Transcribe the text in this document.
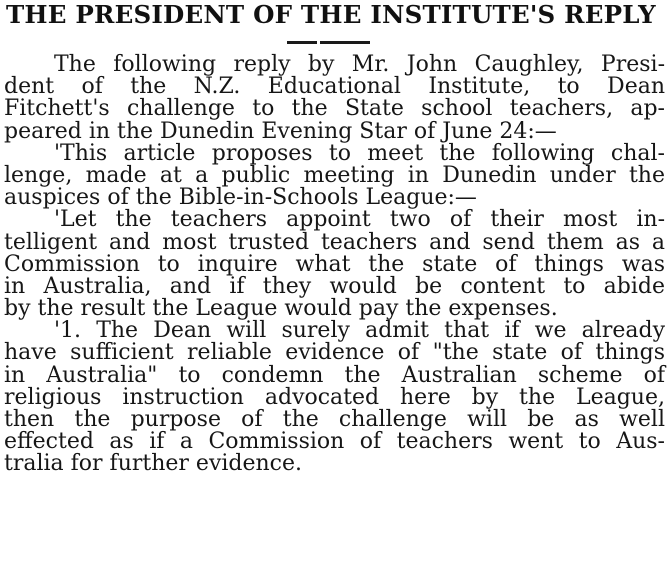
THE PRESIDENT OF THE INSTITUTE'S REPLY
The following reply by Mr. John Caughley, Presi-
dent of the N.Z. Educational Institute, to Dean
Fitchett's challenge to the State school teachers, ap-
peared in the Dunedin Evening Star of June 24:—
'This article proposes to meet the following chal-
lenge, made at a public meeting in Dunedin under the
auspices of the Bible-in-Schools League:—
'Let the teachers appoint two of their most in-
telligent and most trusted teachers and send them as a
Commission to inquire what the state of things was
in Australia, and if they would be content to abide
by the result the League would pay the expenses.
'1. The Dean will surely admit that if we already
have sufficient reliable evidence of "the state of things
in Australia" to condemn the Australian scheme of
religious instruction advocated here by the League,
then the purpose of the challenge will be as well
effected as if a Commission of teachers went to Aus-
tralia for further evidence.
